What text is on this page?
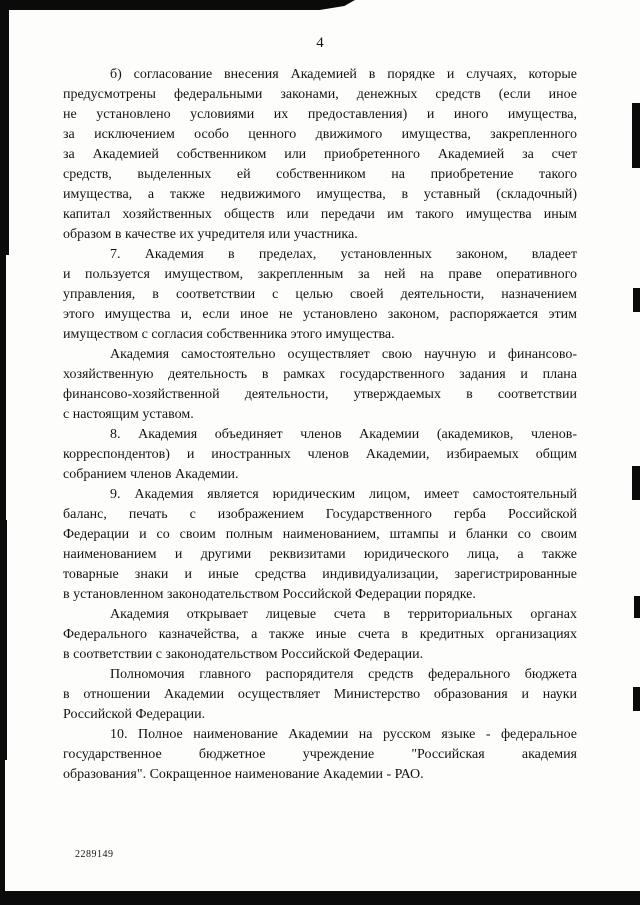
4
б) согласование внесения Академией в порядке и случаях, которые
предусмотрены федеральными законами, денежных средств (если иное
не установлено условиями их предоставления) и иного имущества,
за исключением особо ценного движимого имущества, закрепленного
за Академией собственником или приобретенного Академией за счет
средств, выделенных ей собственником на приобретение такого
имущества, а также недвижимого имущества, в уставный (складочный)
капитал хозяйственных обществ или передачи им такого имущества иным
образом в качестве их учредителя или участника.
7. Академия в пределах, установленных законом, владеет
и пользуется имуществом, закрепленным за ней на праве оперативного
управления, в соответствии с целью своей деятельности, назначением
этого имущества и, если иное не установлено законом, распоряжается этим
имуществом с согласия собственника этого имущества.
Академия самостоятельно осуществляет свою научную и финансово-
хозяйственную деятельность в рамках государственного задания и плана
финансово-хозяйственной деятельности, утверждаемых в соответствии
с настоящим уставом.
8. Академия объединяет членов Академии (академиков, членов-
корреспондентов) и иностранных членов Академии, избираемых общим
собранием членов Академии.
9. Академия является юридическим лицом, имеет самостоятельный
баланс, печать с изображением Государственного герба Российской
Федерации и со своим полным наименованием, штампы и бланки со своим
наименованием и другими реквизитами юридического лица, а также
товарные знаки и иные средства индивидуализации, зарегистрированные
в установленном законодательством Российской Федерации порядке.
Академия открывает лицевые счета в территориальных органах
Федерального казначейства, а также иные счета в кредитных организациях
в соответствии с законодательством Российской Федерации.
Полномочия главного распорядителя средств федерального бюджета
в отношении Академии осуществляет Министерство образования и науки
Российской Федерации.
10. Полное наименование Академии на русском языке - федеральное
государственное бюджетное учреждение "Российская академия
образования". Сокращенное наименование Академии - РАО.
2289149
